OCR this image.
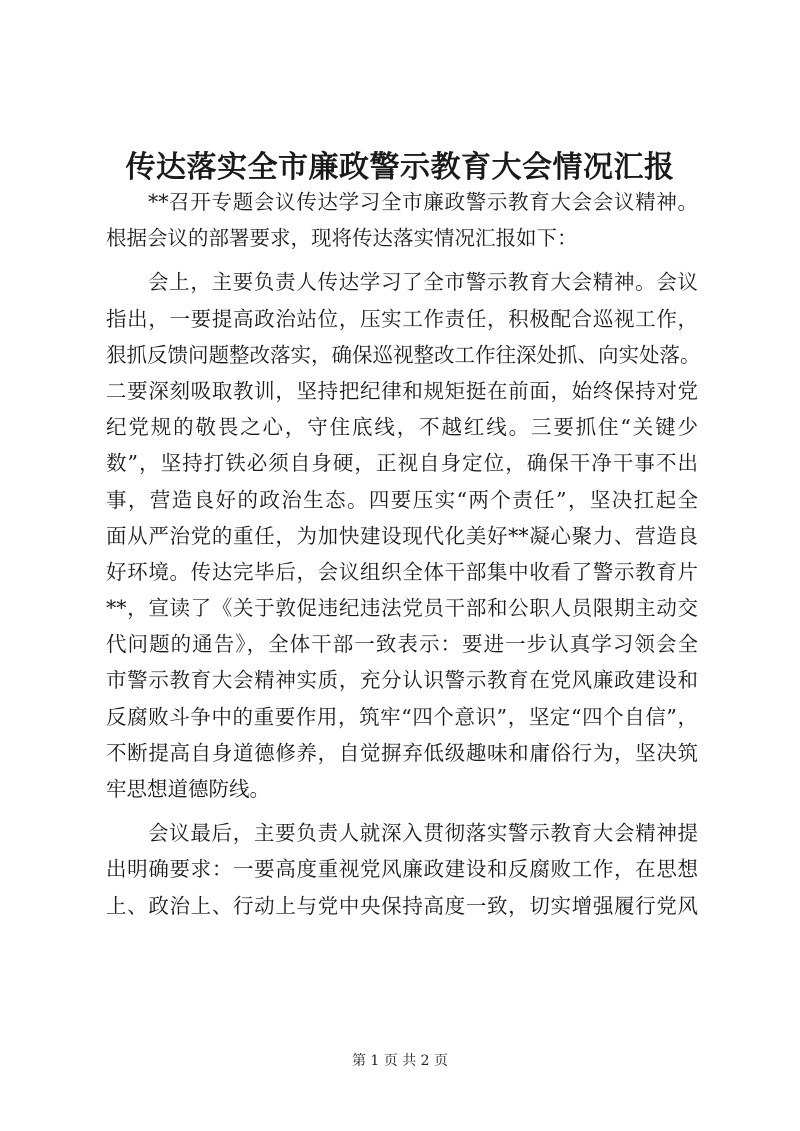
传达落实全市廉政警示教育大会情况汇报
**召开专题会议传达学习全市廉政警示教育大会会议精神。
根据会议的部署要求，现将传达落实情况汇报如下：
会上，主要负责人传达学习了全市警示教育大会精神。会议
指出，一要提高政治站位，压实工作责任，积极配合巡视工作，
狠抓反馈问题整改落实，确保巡视整改工作往深处抓、向实处落。
二要深刻吸取教训，坚持把纪律和规矩挺在前面，始终保持对党
纪党规的敬畏之心，守住底线，不越红线。三要抓住“关键少
数”，坚持打铁必须自身硬，正视自身定位，确保干净干事不出
事，营造良好的政治生态。四要压实“两个责任”，坚决扛起全
面从严治党的重任，为加快建设现代化美好**凝心聚力、营造良
好环境。传达完毕后，会议组织全体干部集中收看了警示教育片
**，宣读了《关于敦促违纪违法党员干部和公职人员限期主动交
代问题的通告》，全体干部一致表示：要进一步认真学习领会全
市警示教育大会精神实质，充分认识警示教育在党风廉政建设和
反腐败斗争中的重要作用，筑牢“四个意识”，坚定“四个自信”，
不断提高自身道德修养，自觉摒弃低级趣味和庸俗行为，坚决筑
牢思想道德防线。
会议最后，主要负责人就深入贯彻落实警示教育大会精神提
出明确要求：一要高度重视党风廉政建设和反腐败工作，在思想
上、政治上、行动上与党中央保持高度一致，切实增强履行党风
第 1 页 共 2 页
